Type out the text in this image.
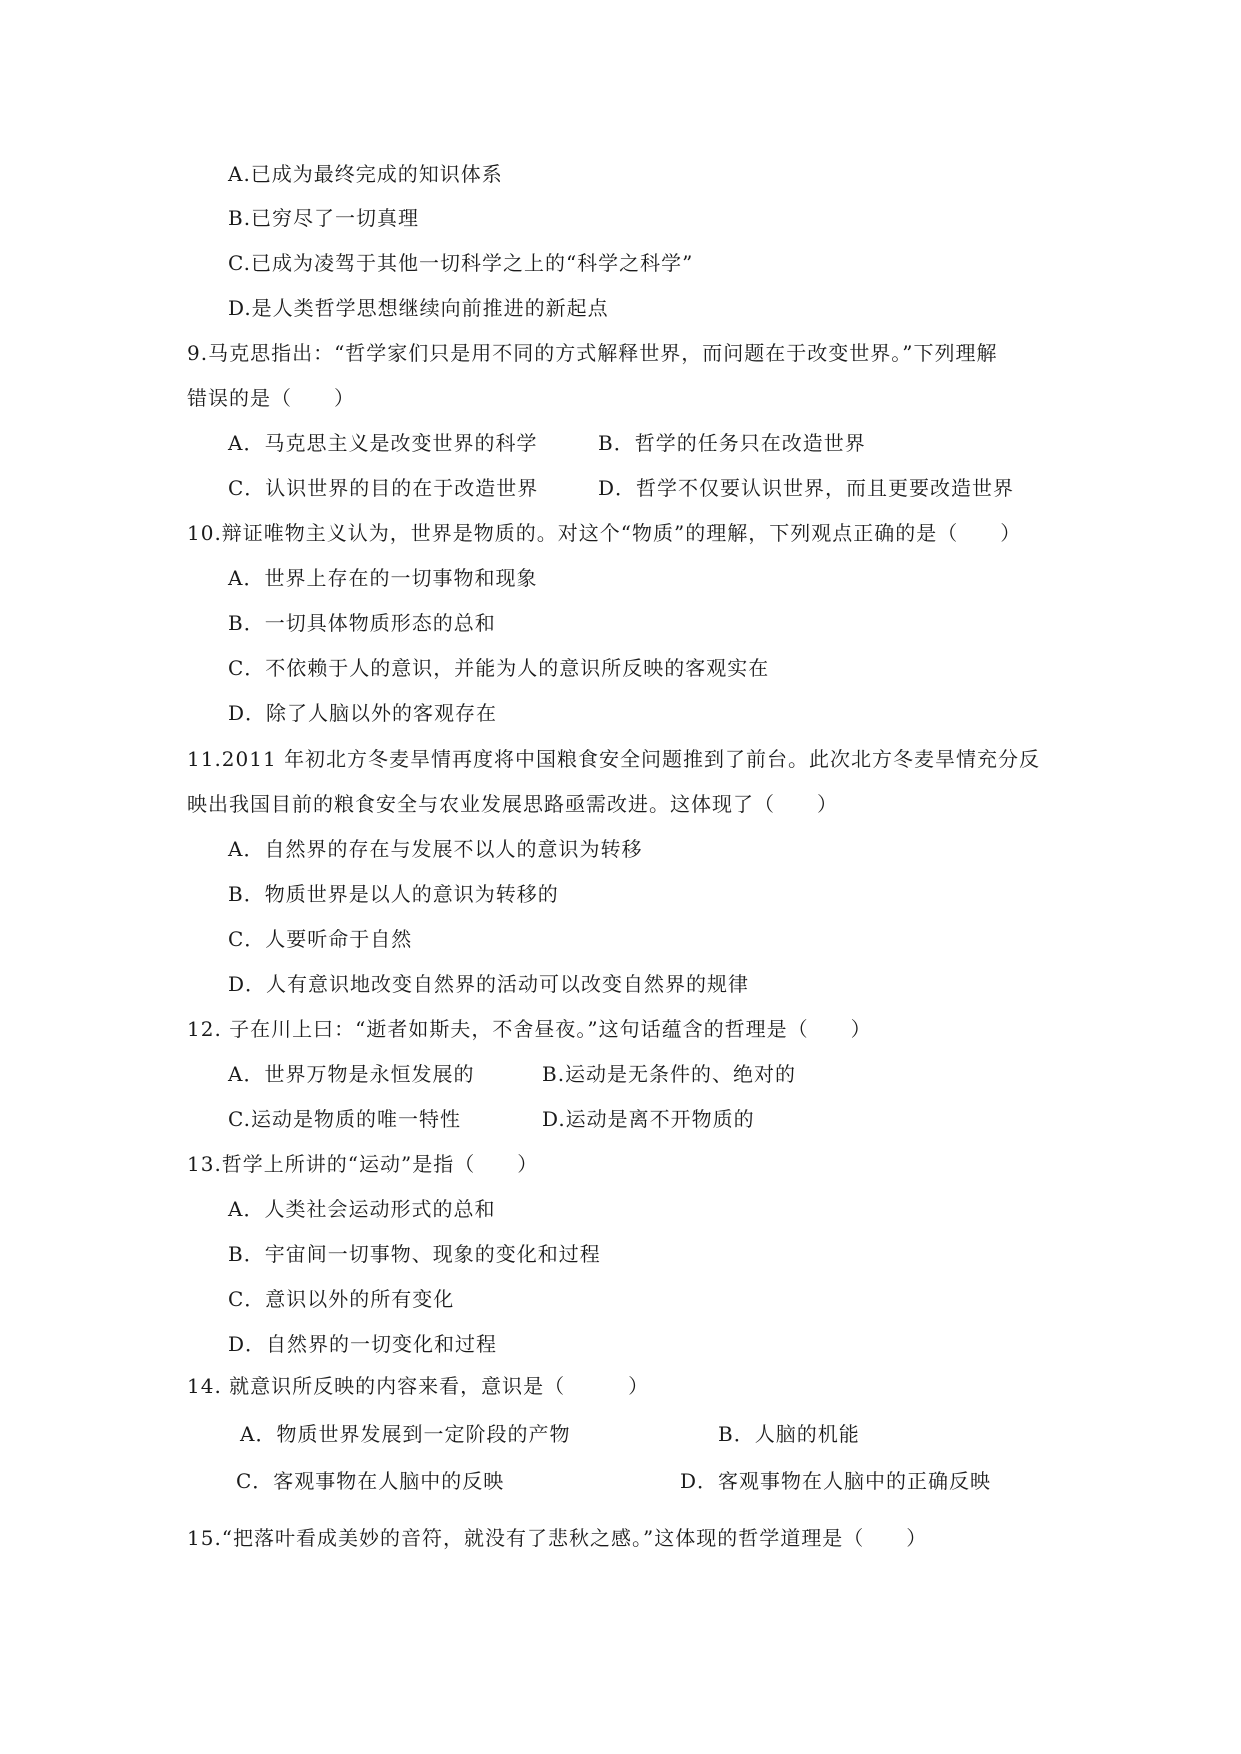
A.已成为最终完成的知识体系
B.已穷尽了一切真理
C.已成为凌驾于其他一切科学之上的“科学之科学”
D.是人类哲学思想继续向前推进的新起点
9.马克思指出：“哲学家们只是用不同的方式解释世界，而问题在于改变世界。”下列理解
错误的是（　　）
A．马克思主义是改变世界的科学	B．哲学的任务只在改造世界
C．认识世界的目的在于改造世界	D．哲学不仅要认识世界，而且更要改造世界
10.辩证唯物主义认为，世界是物质的。对这个“物质”的理解，下列观点正确的是（　　）
A．世界上存在的一切事物和现象
B．一切具体物质形态的总和
C．不依赖于人的意识，并能为人的意识所反映的客观实在
D．除了人脑以外的客观存在
11.2011 年初北方冬麦旱情再度将中国粮食安全问题推到了前台。此次北方冬麦旱情充分反
映出我国目前的粮食安全与农业发展思路亟需改进。这体现了（　　）
A．自然界的存在与发展不以人的意识为转移
B．物质世界是以人的意识为转移的
C．人要听命于自然
D．人有意识地改变自然界的活动可以改变自然界的规律
12. 子在川上曰：“逝者如斯夫，不舍昼夜。”这句话蕴含的哲理是（　　）
A．世界万物是永恒发展的	B.运动是无条件的、绝对的
C.运动是物质的唯一特性	D.运动是离不开物质的
13.哲学上所讲的“运动”是指（　　）
A．人类社会运动形式的总和
B．宇宙间一切事物、现象的变化和过程
C．意识以外的所有变化
D．自然界的一切变化和过程
14. 就意识所反映的内容来看，意识是（　　　）
A．物质世界发展到一定阶段的产物	B．人脑的机能
C．客观事物在人脑中的反映	D．客观事物在人脑中的正确反映
15.“把落叶看成美妙的音符，就没有了悲秋之感。”这体现的哲学道理是（　　）
